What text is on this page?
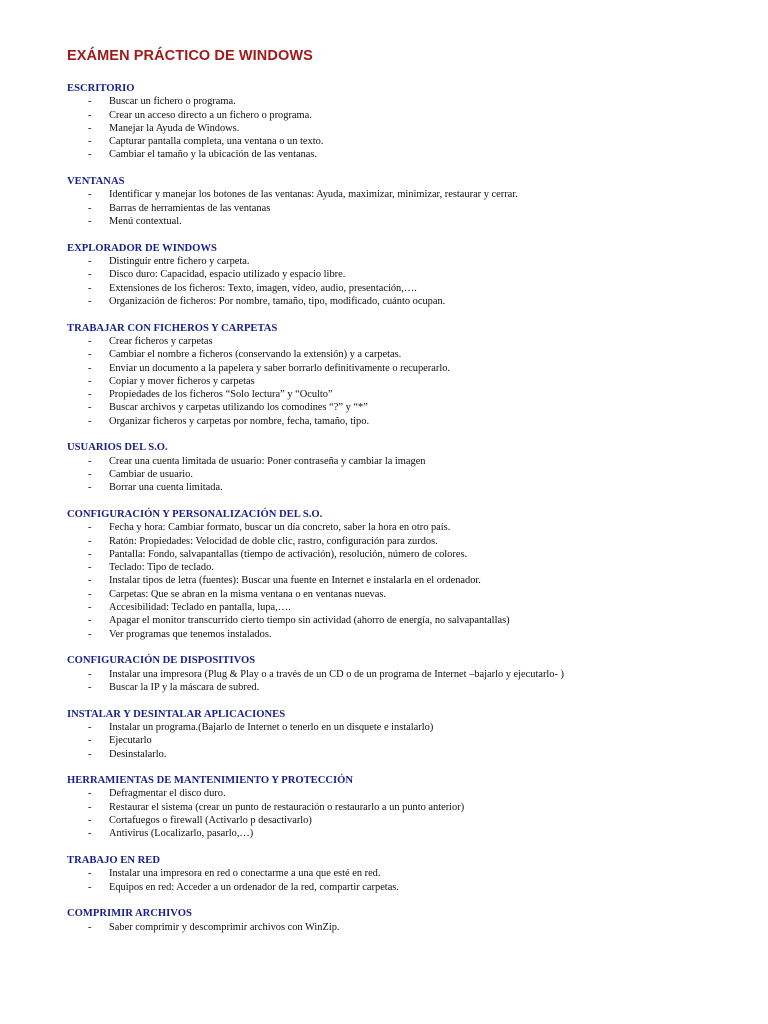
EXÁMEN PRÁCTICO DE WINDOWS
ESCRITORIO
- Buscar un fichero o programa.
- Crear un acceso directo a un fichero o programa.
- Manejar la Ayuda de Windows.
- Capturar pantalla completa, una ventana o un texto.
- Cambiar el tamaño y la ubicación de las ventanas.
VENTANAS
- Identificar y manejar los botones de las ventanas: Ayuda, maximizar, minimizar, restaurar y cerrar.
- Barras de herramientas de las ventanas
- Menú contextual.
EXPLORADOR DE WINDOWS
- Distinguir entre fichero y carpeta.
- Disco duro: Capacidad, espacio utilizado y espacio libre.
- Extensiones de los ficheros: Texto, imagen, vídeo, audio, presentación,….
- Organización de ficheros: Por nombre, tamaño, tipo, modificado, cuánto ocupan.
TRABAJAR CON FICHEROS Y CARPETAS
- Crear ficheros y carpetas
- Cambiar el nombre a ficheros (conservando la extensión) y a carpetas.
- Enviar un documento a la papelera y saber borrarlo definitivamente o recuperarlo.
- Copiar y mover ficheros y carpetas
- Propiedades de los ficheros “Solo lectura” y “Oculto”
- Buscar archivos y carpetas utilizando los comodines “?” y “*”
- Organizar ficheros y carpetas por nombre, fecha, tamaño, tipo.
USUARIOS DEL S.O.
- Crear una cuenta limitada de usuario: Poner contraseña y cambiar la imagen
- Cambiar de usuario.
- Borrar una cuenta limitada.
CONFIGURACIÓN Y PERSONALIZACIÓN DEL S.O.
- Fecha y hora: Cambiar formato, buscar un día concreto, saber la hora en otro país.
- Ratón: Propiedades: Velocidad de doble clic, rastro, configuración para zurdos.
- Pantalla: Fondo, salvapantallas (tiempo de activación), resolución, número de colores.
- Teclado: Tipo de teclado.
- Instalar tipos de letra (fuentes): Buscar una fuente en Internet e instalarla en el ordenador.
- Carpetas: Que se abran en la misma ventana o en ventanas nuevas.
- Accesibilidad: Teclado en pantalla, lupa,….
- Apagar el monitor transcurrido cierto tiempo sin actividad (ahorro de energía, no salvapantallas)
- Ver programas que tenemos instalados.
CONFIGURACIÓN DE DISPOSITIVOS
- Instalar una impresora (Plug & Play o a través de un CD o de un programa de Internet –bajarlo y ejecutarlo- )
- Buscar la IP y la máscara de subred.
INSTALAR Y DESINTALAR APLICACIONES
- Instalar un programa.(Bajarlo de Internet o tenerlo en un disquete e instalarlo)
- Ejecutarlo
- Desinstalarlo.
HERRAMIENTAS DE MANTENIMIENTO Y PROTECCIÓN
- Defragmentar el disco duro.
- Restaurar el sistema (crear un punto de restauración o restaurarlo a un punto anterior)
- Cortafuegos o firewall (Activarlo p desactivarlo)
- Antivirus (Localizarlo, pasarlo,…)
TRABAJO EN RED
- Instalar una impresora en red o conectarme a una que esté en red.
- Equipos en red: Acceder a un ordenador de la red, compartir carpetas.
COMPRIMIR ARCHIVOS
- Saber comprimir y descomprimir archivos con WinZip.
